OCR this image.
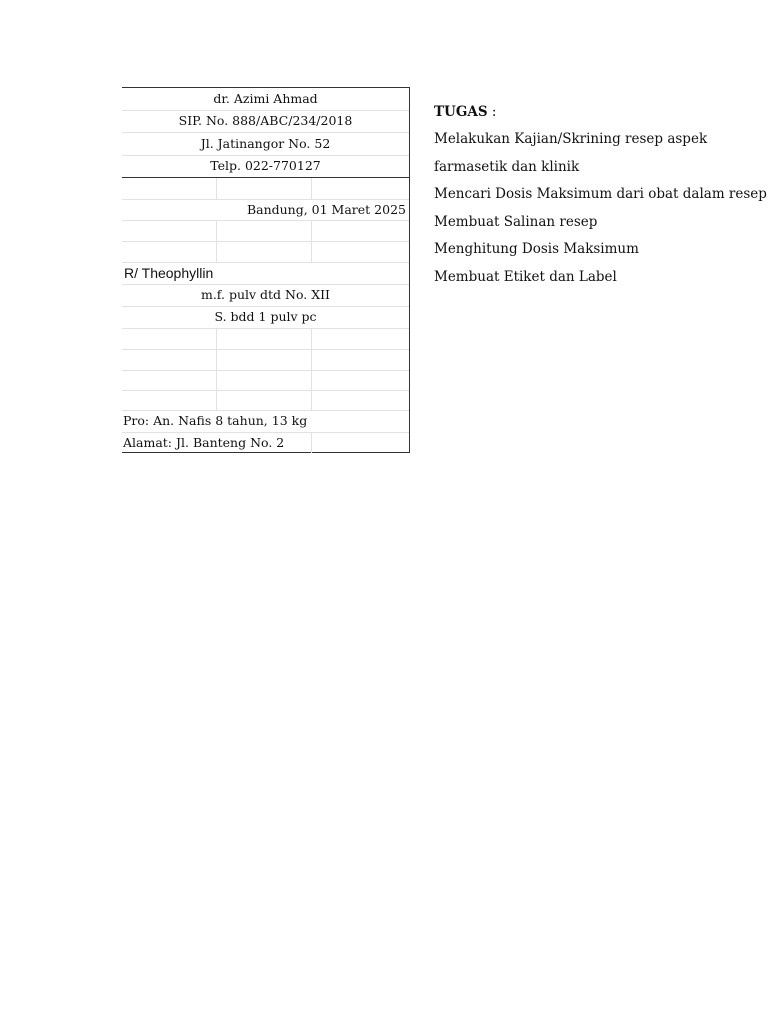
dr. Azimi Ahmad
SIP. No. 888/ABC/234/2018
Jl. Jatinangor No. 52
Telp. 022-770127
Bandung, 01 Maret 2025
R/ Theophyllin
m.f. pulv dtd No. XII
S. bdd 1 pulv pc
Pro: An. Nafis 8 tahun, 13 kg
Alamat: Jl. Banteng No. 2
TUGAS :
Melakukan Kajian/Skrining resep aspek
farmasetik dan klinik
Mencari Dosis Maksimum dari obat dalam resep
Membuat Salinan resep
Menghitung Dosis Maksimum
Membuat Etiket dan Label
